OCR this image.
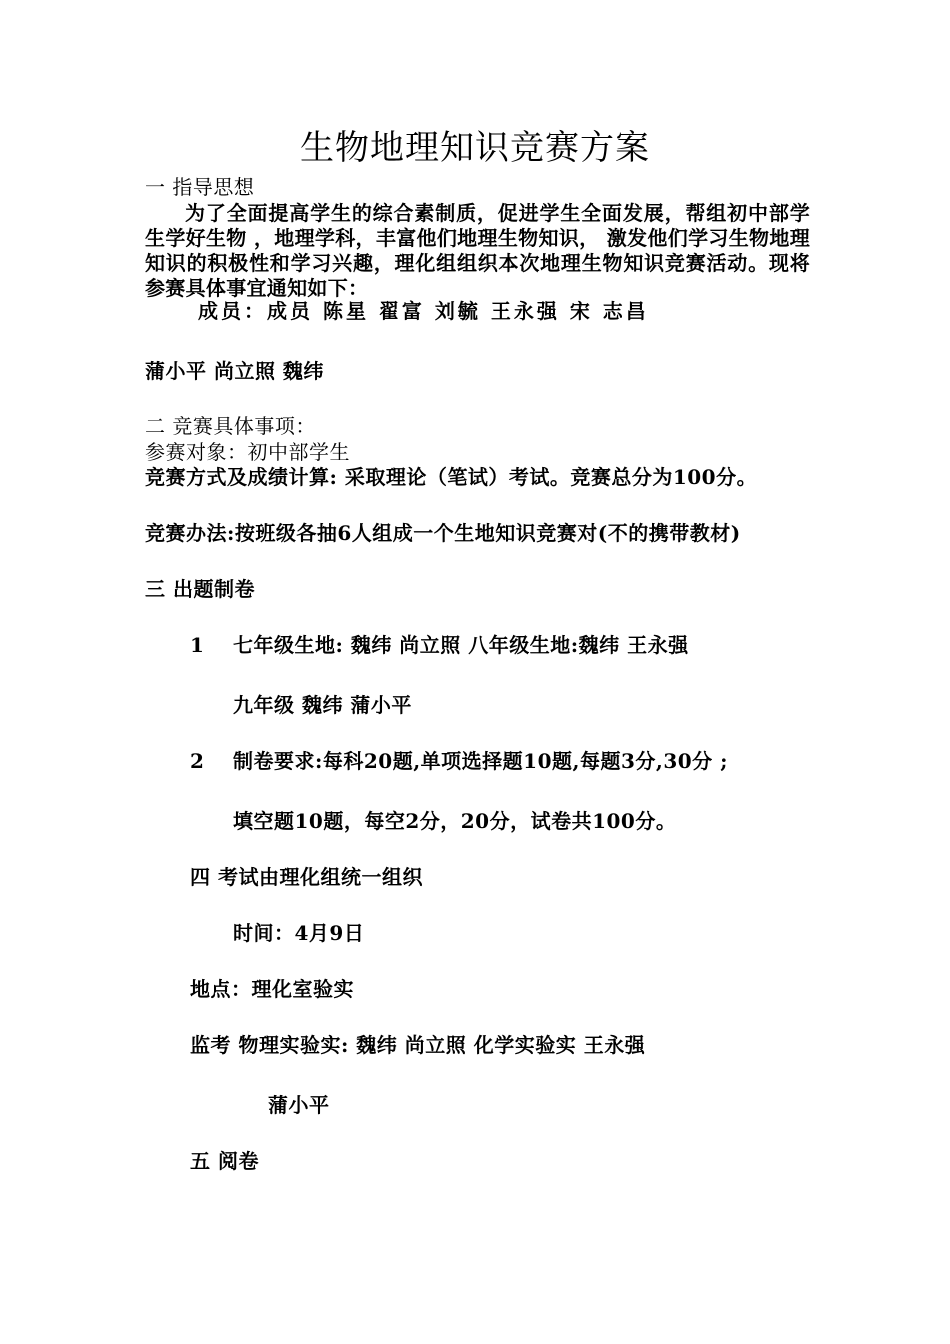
生物地理知识竞赛方案
一 指导思想
为了全面提高学生的综合素制质，促进学生全面发展，帮组初中部学生学好生物 ，地理学科，丰富他们地理生物知识， 激发他们学习生物地理知识的积极性和学习兴趣，理化组组织本次地理生物知识竞赛活动。现将参赛具体事宜通知如下：
成员：成员 陈星 翟富 刘毓 王永强 宋 志昌
蒲小平 尚立照 魏纬
二 竞赛具体事项：
参赛对象：初中部学生
竞赛方式及成绩计算: 采取理论（笔试）考试。竞赛总分为100分。
竞赛办法:按班级各抽6人组成一个生地知识竞赛对(不的携带教材)
三 出题制卷
1 七年级生地: 魏纬 尚立照 八年级生地:魏纬 王永强
九年级 魏纬 蒲小平
2 制卷要求:每科20题,单项选择题10题,每题3分,30分 ;
填空题10题，每空2分，20分，试卷共100分。
四 考试由理化组统一组织
时间：4月9日
地点：理化室验实
监考 物理实验实: 魏纬 尚立照 化学实验实 王永强
蒲小平
五 阅卷
